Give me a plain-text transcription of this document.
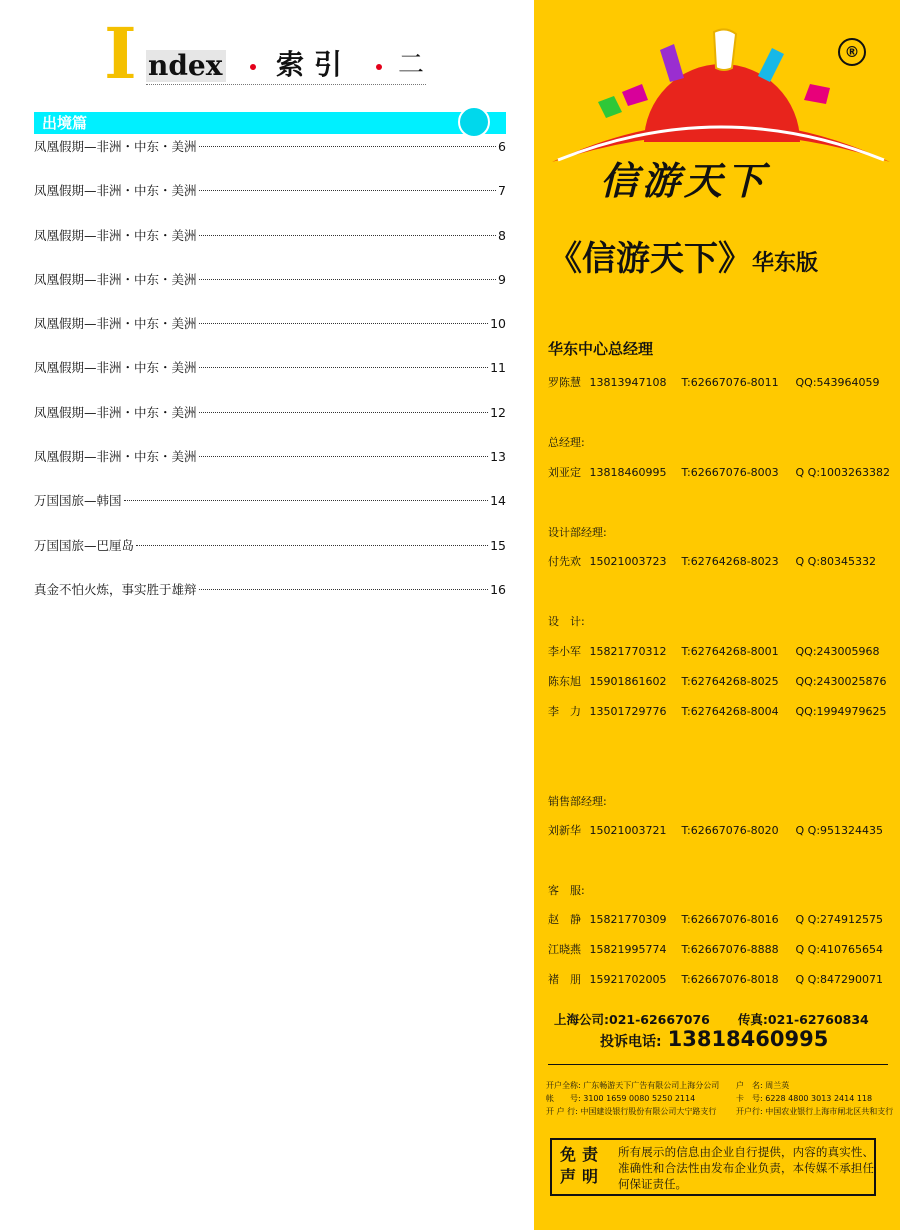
I ndex 索引 二
出境篇
凤凰假期—非洲・中东・美洲	6
凤凰假期—非洲・中东・美洲	7
凤凰假期—非洲・中东・美洲	8
凤凰假期—非洲・中东・美洲	9
凤凰假期—非洲・中东・美洲	10
凤凰假期—非洲・中东・美洲	11
凤凰假期—非洲・中东・美洲	12
凤凰假期—非洲・中东・美洲	13
万国国旅—韩国	14
万国国旅—巴厘岛	15
真金不怕火炼，事实胜于雄辩	16
信游天下
®
《信游天下》华东版
华东中心总经理
罗陈慧 13813947108 T:62667076-8011 QQ:543964059
总经理:
刘亚定 13818460995 T:62667076-8003 Q Q:1003263382
设计部经理:
付先欢 15021003723 T:62764268-8023 Q Q:80345332
设　计:
李小军 15821770312 T:62764268-8001 QQ:243005968
陈东旭 15901861602 T:62764268-8025 QQ:2430025876
李　力 13501729776 T:62764268-8004 QQ:1994979625
销售部经理:
刘新华 15021003721 T:62667076-8020 Q Q:951324435
客　服:
赵　静 15821770309 T:62667076-8016 Q Q:274912575
江晓燕 15821995774 T:62667076-8888 Q Q:410765654
褚　朋 15921702005 T:62667076-8018 Q Q:847290071
上海公司:021-62667076 传真:021-62760834
投诉电话: 13818460995
开户全称: 广东畅游天下广告有限公司上海分公司 户　名: 周兰英
帐　　号: 3100 1659 0080 5250 2114	卡　号: 6228 4800 3013 2414 118
开 户 行: 中国建设银行股份有限公司大宁路支行 开户行: 中国农业银行上海市闸北区共和支行
免责声明
所有展示的信息由企业自行提供，内容的真实性、准确性和合法性由发布企业负责，本传媒不承担任何保证责任。
